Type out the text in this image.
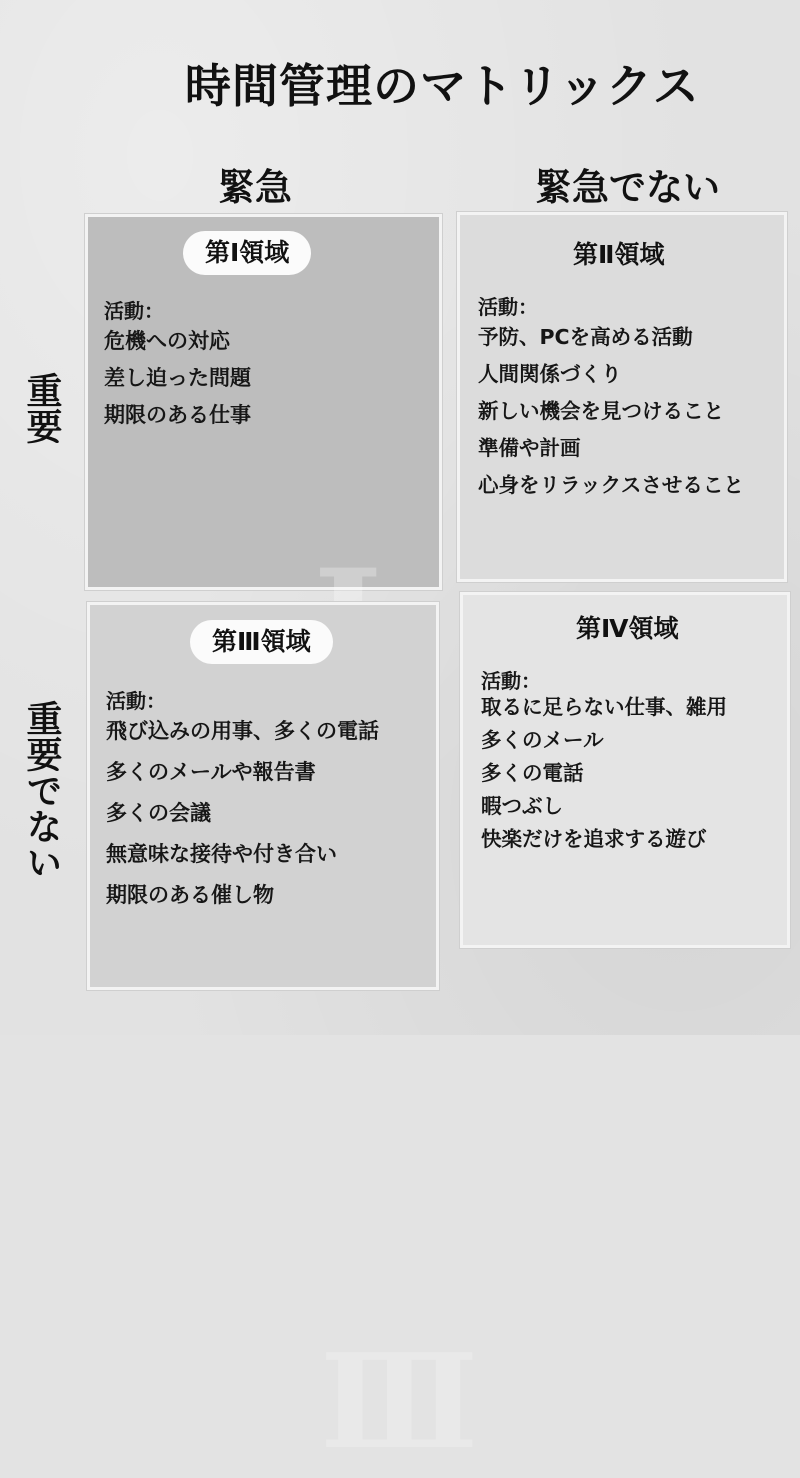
時間管理のマトリックス
緊急	緊急でない
重要
重要でない
第Ⅰ領域
活動：
危機への対応
差し迫った問題
期限のある仕事
第Ⅱ領域
活動：
予防、PCを高める活動
人間関係づくり
新しい機会を見つけること
準備や計画
心身をリラックスさせること
Ⅲ
第Ⅲ領域
活動：
飛び込みの用事、多くの電話
多くのメールや報告書
多くの会議
無意味な接待や付き合い
期限のある催し物
第Ⅳ領域
活動：
取るに足らない仕事、雑用
多くのメール
多くの電話
暇つぶし
快楽だけを追求する遊び
